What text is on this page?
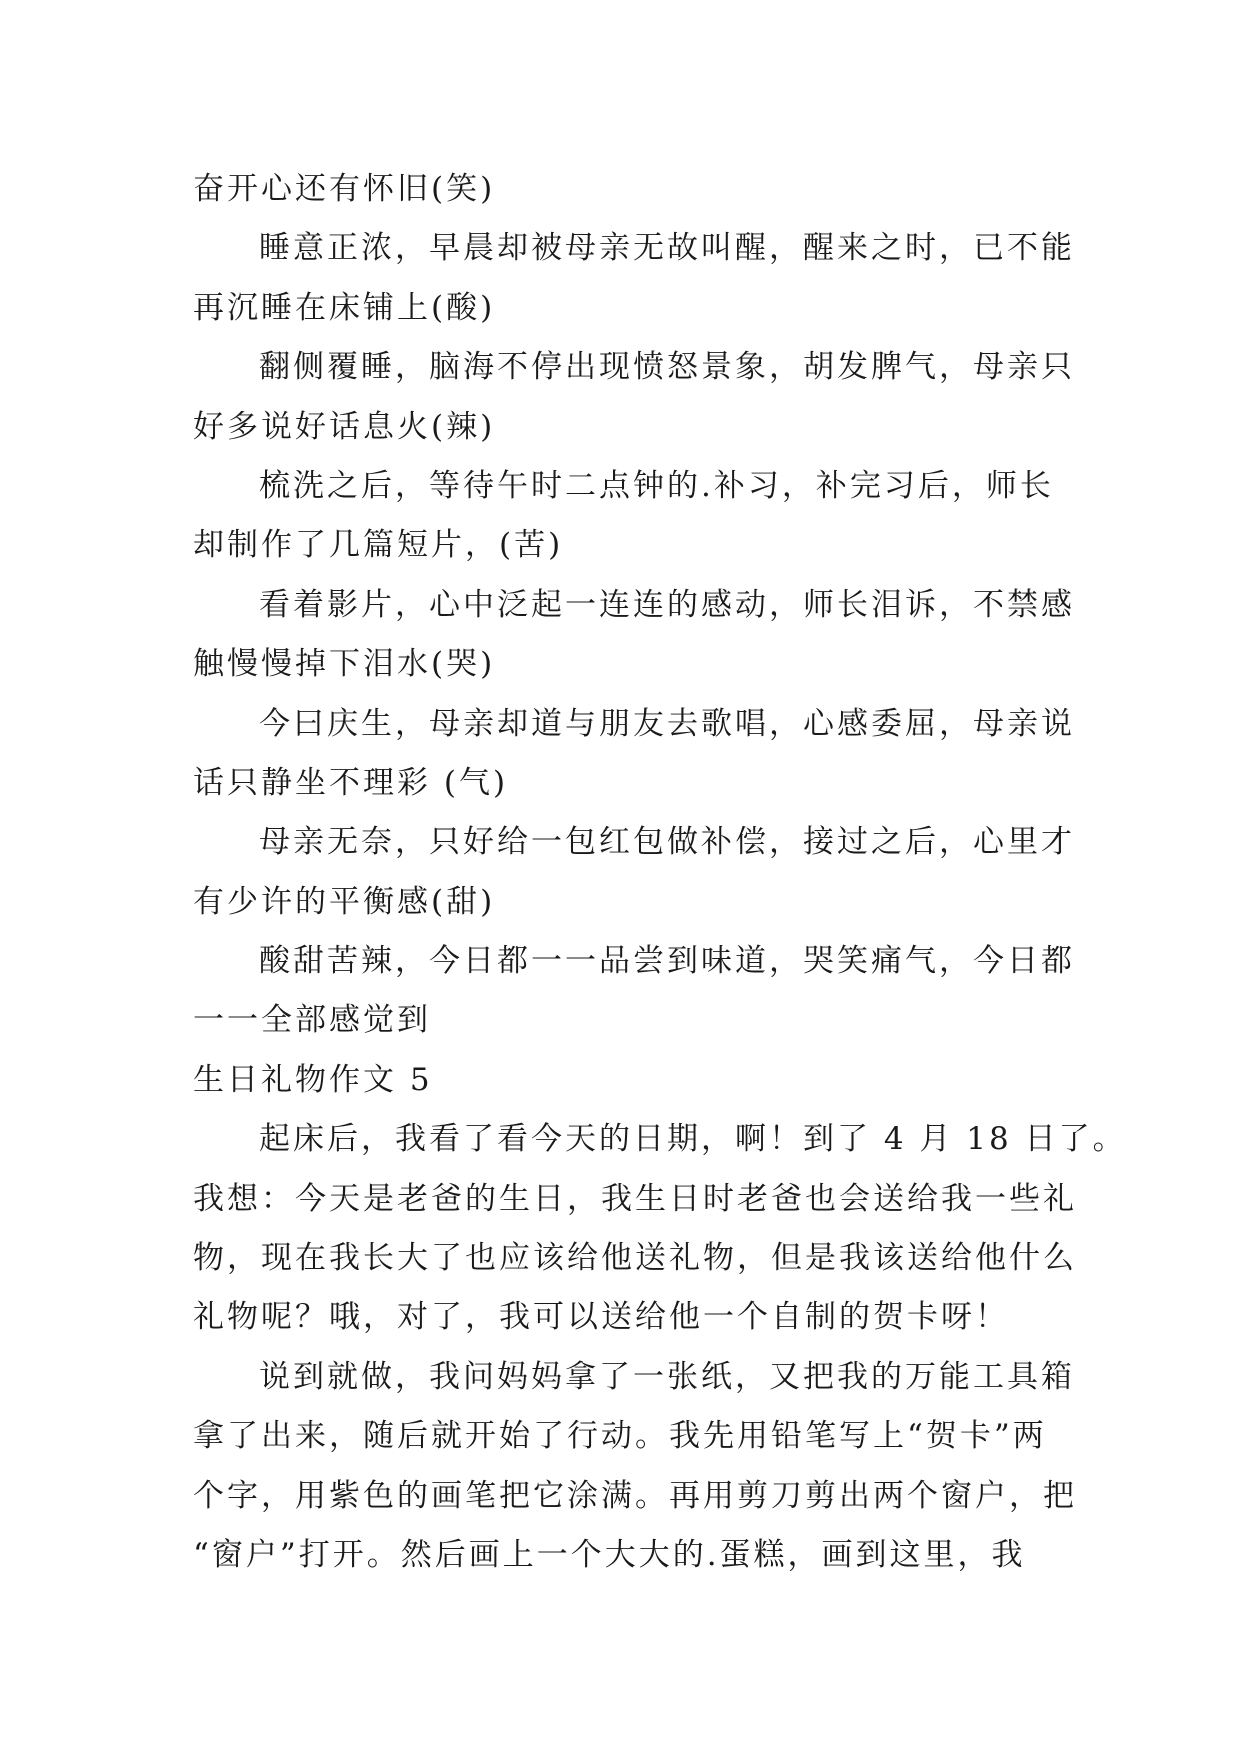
奋开心还有怀旧(笑)
睡意正浓，早晨却被母亲无故叫醒，醒来之时，已不能
再沉睡在床铺上(酸)
翻侧覆睡，脑海不停出现愤怒景象，胡发脾气，母亲只
好多说好话息火(辣)
梳洗之后，等待午时二点钟的.补习，补完习后，师长
却制作了几篇短片，(苦)
看着影片，心中泛起一连连的感动，师长泪诉，不禁感
触慢慢掉下泪水(哭)
今曰庆生，母亲却道与朋友去歌唱，心感委屈，母亲说
话只静坐不理彩 (气)
母亲无奈，只好给一包红包做补偿，接过之后，心里才
有少许的平衡感(甜)
酸甜苦辣，今日都一一品尝到味道，哭笑痛气，今日都
一一全部感觉到
生日礼物作文 5
起床后，我看了看今天的日期，啊！到了 4 月 18 日了。
我想：今天是老爸的生日，我生日时老爸也会送给我一些礼
物，现在我长大了也应该给他送礼物，但是我该送给他什么
礼物呢？哦，对了，我可以送给他一个自制的贺卡呀！
说到就做，我问妈妈拿了一张纸，又把我的万能工具箱
拿了出来，随后就开始了行动。我先用铅笔写上“贺卡”两
个字，用紫色的画笔把它涂满。再用剪刀剪出两个窗户，把
“窗户”打开。然后画上一个大大的.蛋糕，画到这里，我
